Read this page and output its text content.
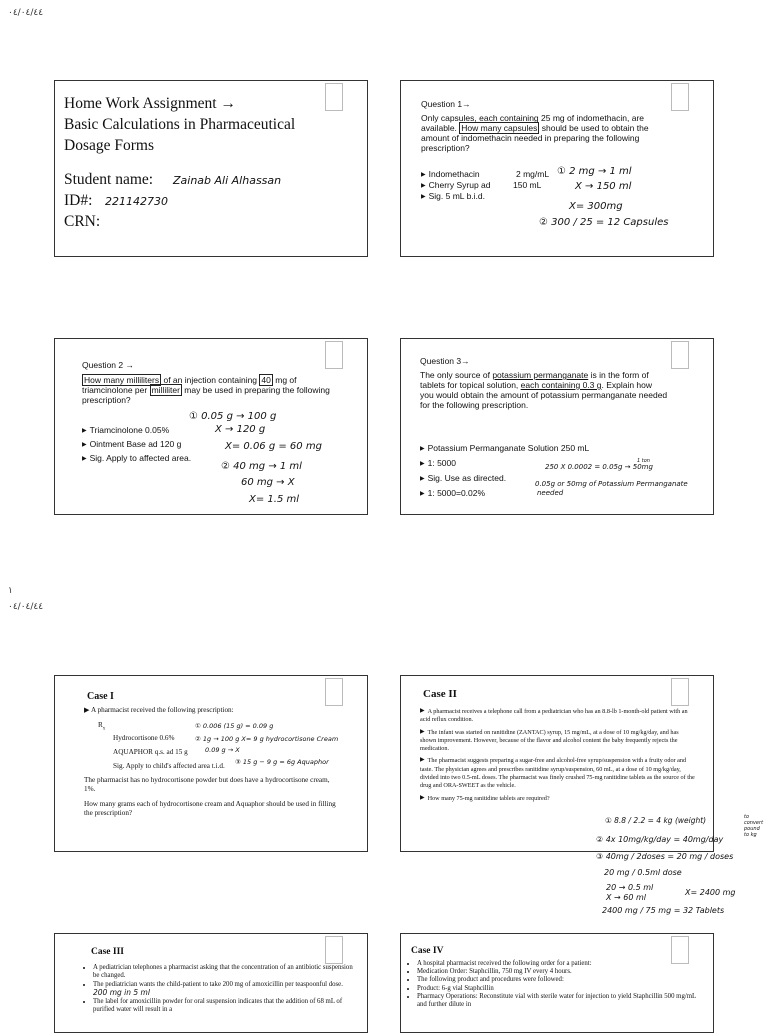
٠٤/٠٤/٤٤
١
٠٤/٠٤/٤٤
Home Work Assignment →
Basic Calculations in Pharmaceutical
Dosage Forms
Student name: Zainab Ali Alhassan
ID#: 221142730
CRN:
Question 1→
Only capsules, each containing 25 mg of indomethacin, are available. How many capsules should be used to obtain the amount of indomethacin needed in preparing the following prescription?
▶ Indomethacin	2 mg/mL
▶ Cherry Syrup ad	150 mL
▶ Sig. 5 mL b.i.d.
① 2 mg → 1 ml
X → 150 ml
X= 300mg
② 300 / 25 = 12 Capsules
Question 2 →
How many milliliters of an injection containing 40 mg of triamcinolone per milliliter may be used in preparing the following prescription?
▶ Triamcinolone 0.05%
▶ Ointment Base ad 120 g
▶ Sig. Apply to affected area.
① 0.05 g → 100 g
X → 120 g
X= 0.06 g = 60 mg
② 40 mg → 1 ml
60 mg → X
X= 1.5 ml
Question 3→
The only source of potassium permanganate is in the form of tablets for topical solution, each containing 0.3 g. Explain how you would obtain the amount of potassium permanganate needed for the following prescription.
▶ Potassium Permanganate Solution 250 mL
▶ 1: 5000
▶ Sig. Use as directed.
▶ 1: 5000=0.02%
250 X 0.0002 = 0.05g → 50mg
1 ton
0.05g or 50mg of Potassium Permanganate
needed
Case I
▶ A pharmacist received the following prescription:
$R_x$
Hydrocortisone 0.6%
AQUAPHOR q.s. ad 15 g
Sig. Apply to child's affected area t.i.d.
The pharmacist has no hydrocortisone powder but does have a hydrocortisone cream, 1%.
How many grams each of hydrocortisone cream and Aquaphor should be used in filling the prescription?
① 0.006 (15 g) = 0.09 g
② 1g → 100 g X= 9 g hydrocortisone Cream
0.09 g → X
③ 15 g − 9 g = 6g Aquaphor
Case II
▶ A pharmacist receives a telephone call from a pediatrician who has an 8.8-lb 1-month-old patient with an acid reflux condition.
▶ The infant was started on ranitidine (ZANTAC) syrup, 15 mg/mL, at a dose of 10 mg/kg/day, and has shown improvement. However, because of the flavor and alcohol content the baby frequently rejects the medication.
▶ The pharmacist suggests preparing a sugar-free and alcohol-free syrup/suspension with a fruity odor and taste. The physician agrees and prescribes ranitidine syrup/suspension, 60 mL, at a dose of 10 mg/kg/day, divided into two 0.5-mL doses. The pharmacist was finely crushed 75-mg ranitidine tablets as the source of the drug and ORA-SWEET as the vehicle.
▶ How many 75-mg ranitidine tablets are required?
① 8.8 / 2.2 = 4 kg (weight)	to convert pound to kg
② 4x 10mg/kg/day = 40mg/day
③ 40mg / 2doses = 20 mg / doses
20 mg / 0.5ml dose
20 → 0.5 ml
X → 60 ml
X= 2400 mg
2400 mg / 75 mg = 32 Tablets
Case III
• A pediatrician telephones a pharmacist asking that the concentration of an antibiotic suspension be changed.
• The pediatrician wants the child-patient to take 200 mg of amoxicillin per teaspoonful dose. 200 mg in 5 ml
• The label for amoxicillin powder for oral suspension indicates that the addition of 68 mL of purified water will result in a
Case IV
• A hospital pharmacist received the following order for a patient:
• Medication Order: Staphcillin, 750 mg IV every 4 hours.
• The following product and procedures were followed:
• Product: 6-g vial Staphcillin
• Pharmacy Operations: Reconstitute vial with sterile water for injection to yield Staphcillin 500 mg/mL and further dilute in
